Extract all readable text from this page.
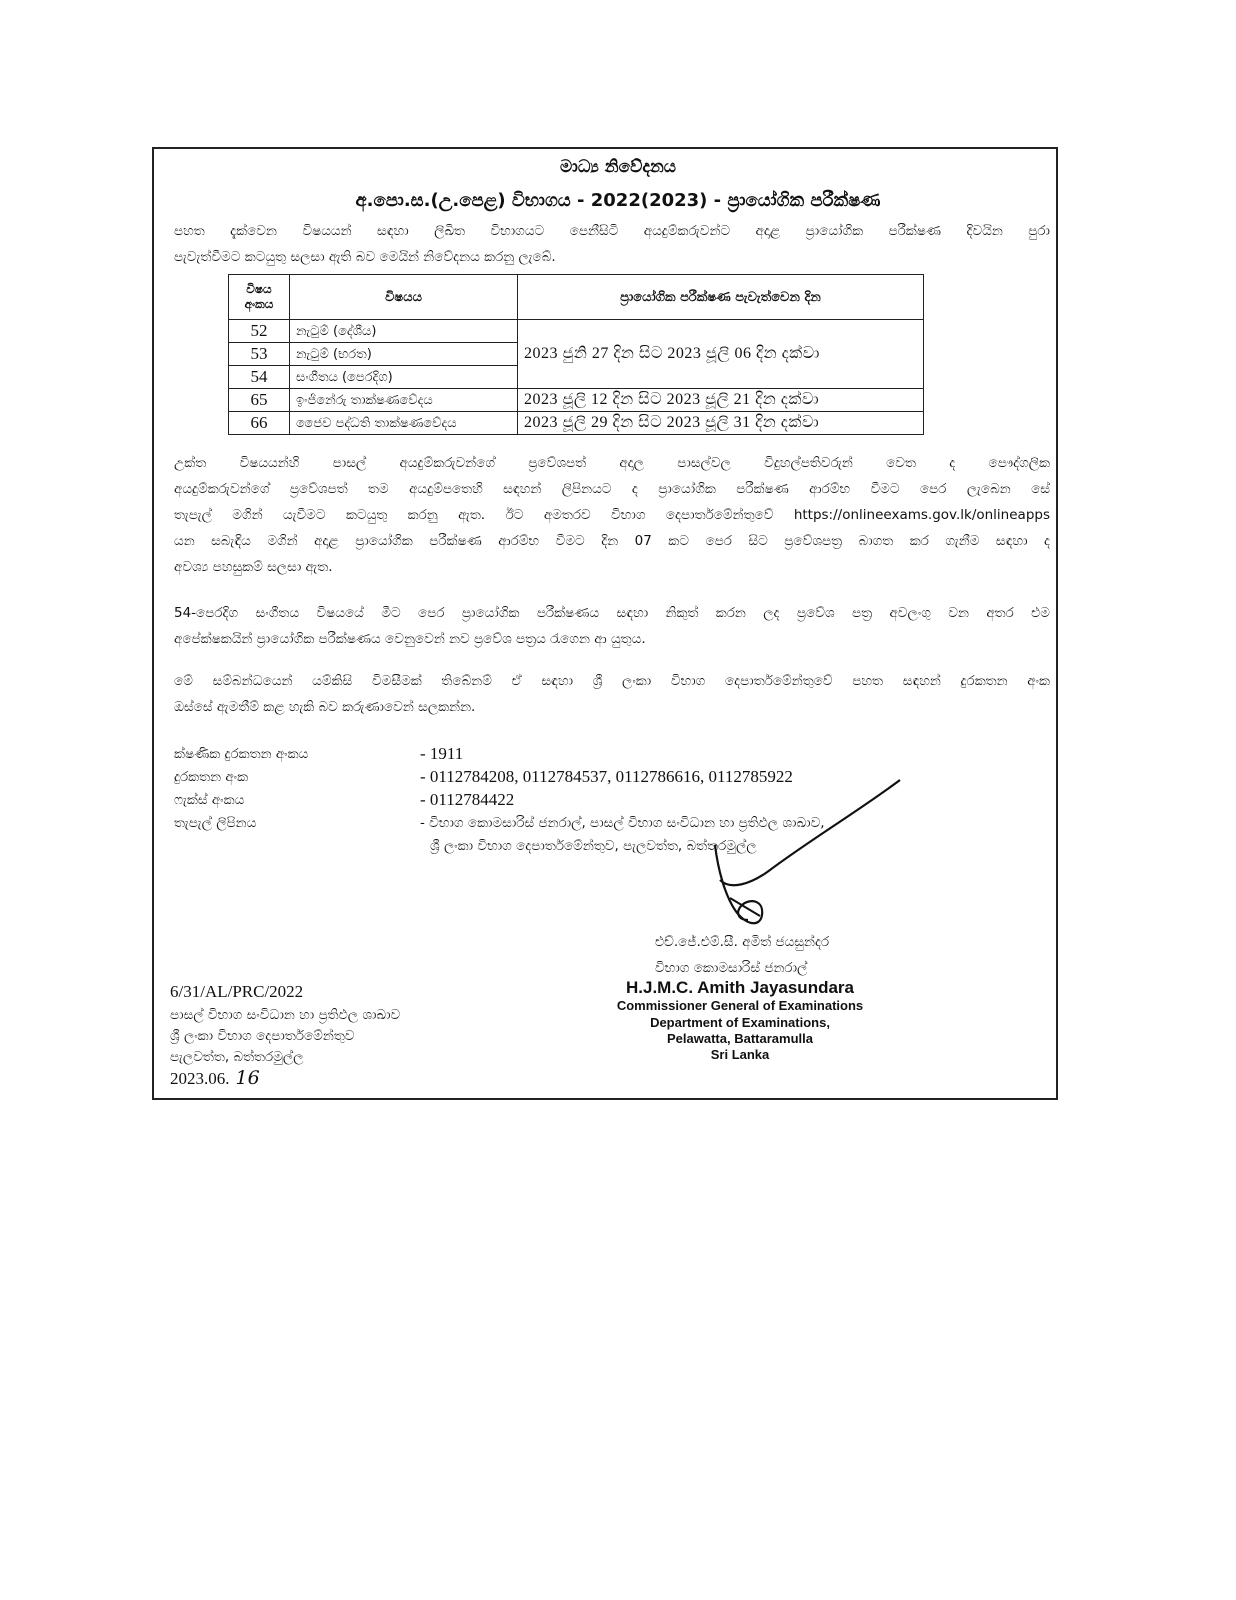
මාධ්‍ය නිවේදනය
අ.පො.ස.(උ.පෙළ) විභාගය - 2022(2023) - ප්‍රායෝගික පරීක්ෂණ
පහත දැක්වෙන විෂයයන් සඳහා ලිඛිත විභාගයට පෙනීසිටි අයදුම්කරුවන්ට අදාළ ප්‍රායෝගික පරීක්ෂණ දිවයින පුරා
පැවැත්වීමට කටයුතු සලසා ඇති බව මෙයින් නිවේදනය කරනු ලැබේ.
විෂය අංකය	විෂයය	ප්‍රායෝගික පරීක්ෂණ පැවැත්වෙන දින
52	නැටුම් (දේශීය)	2023 ජුනි 27 දින සිට 2023 ජූලි 06 දින දක්වා
53	නැටුම් (භරත)	
54	සංගීතය (පෙරදිග)	
65	ඉංජිනේරු තාක්ෂණවේදය	2023 ජූලි 12 දින සිට 2023 ජූලි 21 දින දක්වා
66	ජෛව පද්ධති තාක්ෂණවේදය	2023 ජූලි 29 දින සිට 2023 ජූලි 31 දින දක්වා
උක්ත විෂයයන්හි පාසල් අයදුම්කරුවන්ගේ ප්‍රවේශපත් අදාල පාසල්වල විදුහල්පතිවරුන් වෙත ද පෞද්ගලික
අයදුම්කරුවන්ගේ ප්‍රවේශපත් තම අයදුම්පතෙහි සඳහන් ලිපිනයට ද ප්‍රායෝගික පරීක්ෂණ ආරම්භ වීමට පෙර ලැබෙන සේ
තැපැල් මගින් යැවීමට කටයුතු කරනු ඇත. ඊට අමතරව විභාග දෙපාර්තමේන්තුවේ https://onlineexams.gov.lk/onlineapps
යන සබැඳිය මගින් අදාළ ප්‍රායෝගික පරීක්ෂණ ආරම්භ වීමට දින 07 කට පෙර සිට ප්‍රවේශපත්‍ර බාගත කර ගැනීම සඳහා ද
අවශ්‍ය පහසුකම් සලසා ඇත.
54-පෙරදිග සංගීතය විෂයයේ මීට පෙර ප්‍රායෝගික පරීක්ෂණය සඳහා නිකුත් කරන ලද ප්‍රවේශ පත්‍ර අවලංගු වන අතර එම
අපේක්ෂකයින් ප්‍රායෝගික පරීක්ෂණය වෙනුවෙන් නව ප්‍රවේශ පත්‍රය රැගෙන ආ යුතුය.
මේ සම්බන්ධයෙන් යම්කිසි විමසීමක් තිබේනම් ඒ සඳහා ශ්‍රී ලංකා විභාග දෙපාර්තමේන්තුවේ පහත සඳහන් දුරකතන අංක
ඔස්සේ ඇමතීම් කළ හැකි බව කරුණාවෙන් සලකන්න.
ක්ෂණික දුරකතන අංකය	- 1911
දුරකතන අංක	- 0112784208, 0112784537, 0112786616, 0112785922
ෆැක්ස් අංකය	- 0112784422
තැපැල් ලිපිනය	- විභාග කොමසාරිස් ජනරාල්, පාසල් විභාග සංවිධාන හා ප්‍රතිඵල ශාඛාව,
ශ්‍රී ලංකා විභාග දෙපාර්තමේන්තුව, පැලවත්ත, බත්තරමුල්ල
එච්.ජේ.එම්.සී. අමිත් ජයසුන්දර
විභාග කොමසාරිස් ජනරාල්
H.J.M.C. Amith Jayasundara
Commissioner General of Examinations
Department of Examinations,
Pelawatta, Battaramulla
Sri Lanka
6/31/AL/PRC/2022
පාසල් විභාග සංවිධාන හා ප්‍රතිඵල ශාඛාව
ශ්‍රී ලංකා විභාග දෙපාර්තමේන්තුව
පැලවත්ත, බත්තරමුල්ල
2023.06. 16
